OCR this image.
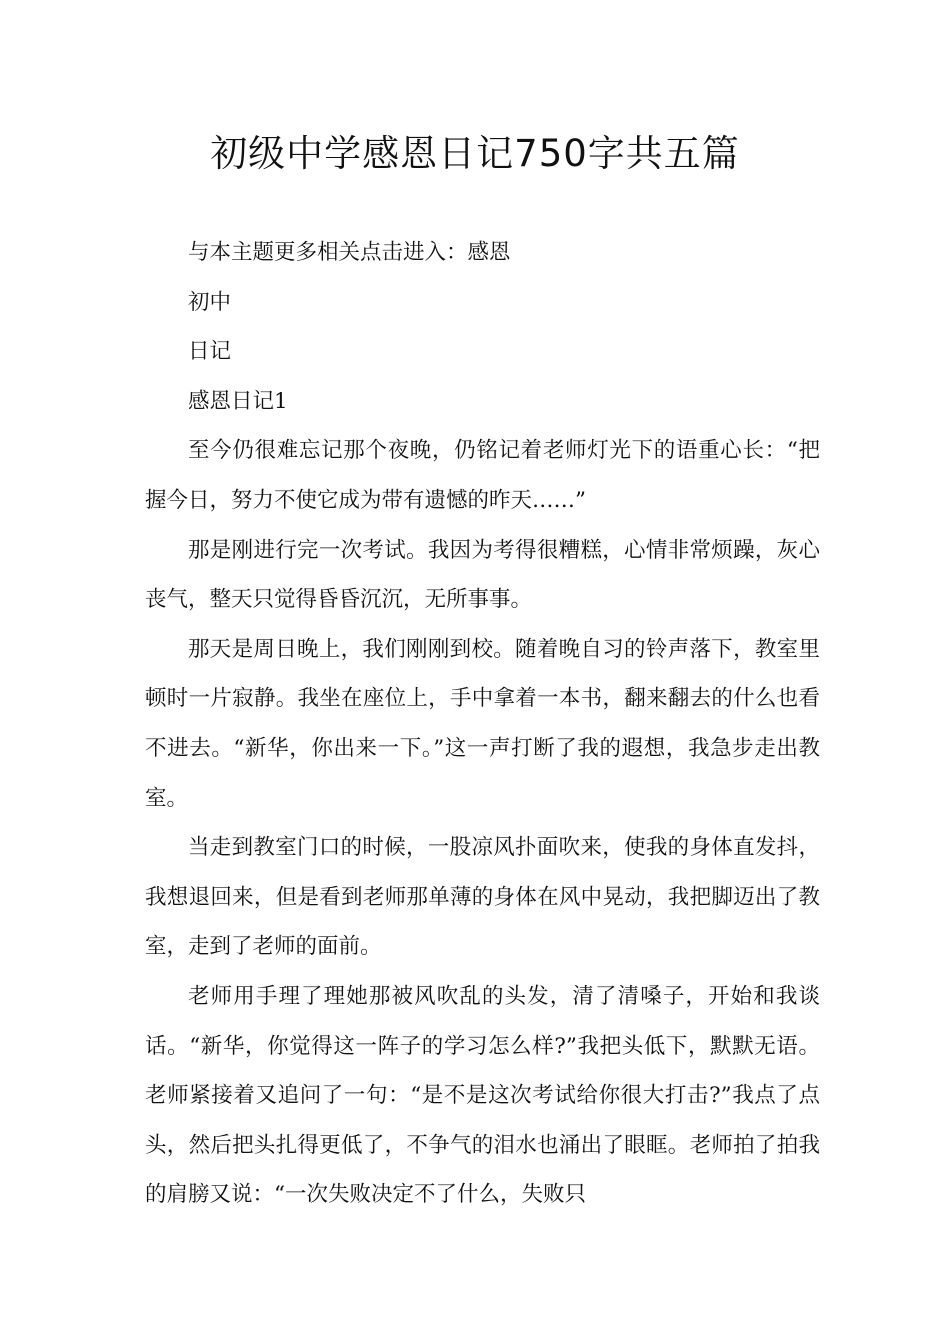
初级中学感恩日记750字共五篇

与本主题更多相关点击进入：感恩

初中

日记

感恩日记1

至今仍很难忘记那个夜晚，仍铭记着老师灯光下的语重心长：“把握今日，努力不使它成为带有遗憾的昨天……”

那是刚进行完一次考试。我因为考得很糟糕，心情非常烦躁，灰心丧气，整天只觉得昏昏沉沉，无所事事。

那天是周日晚上，我们刚刚到校。随着晚自习的铃声落下，教室里顿时一片寂静。我坐在座位上，手中拿着一本书，翻来翻去的什么也看不进去。“新华，你出来一下。”这一声打断了我的遐想，我急步走出教室。

当走到教室门口的时候，一股凉风扑面吹来，使我的身体直发抖，我想退回来，但是看到老师那单薄的身体在风中晃动，我把脚迈出了教室，走到了老师的面前。

老师用手理了理她那被风吹乱的头发，清了清嗓子，开始和我谈话。“新华，你觉得这一阵子的学习怎么样?”我把头低下，默默无语。老师紧接着又追问了一句：“是不是这次考试给你很大打击?”我点了点头，然后把头扎得更低了，不争气的泪水也涌出了眼眶。老师拍了拍我的肩膀又说：“一次失败决定不了什么，失败只
